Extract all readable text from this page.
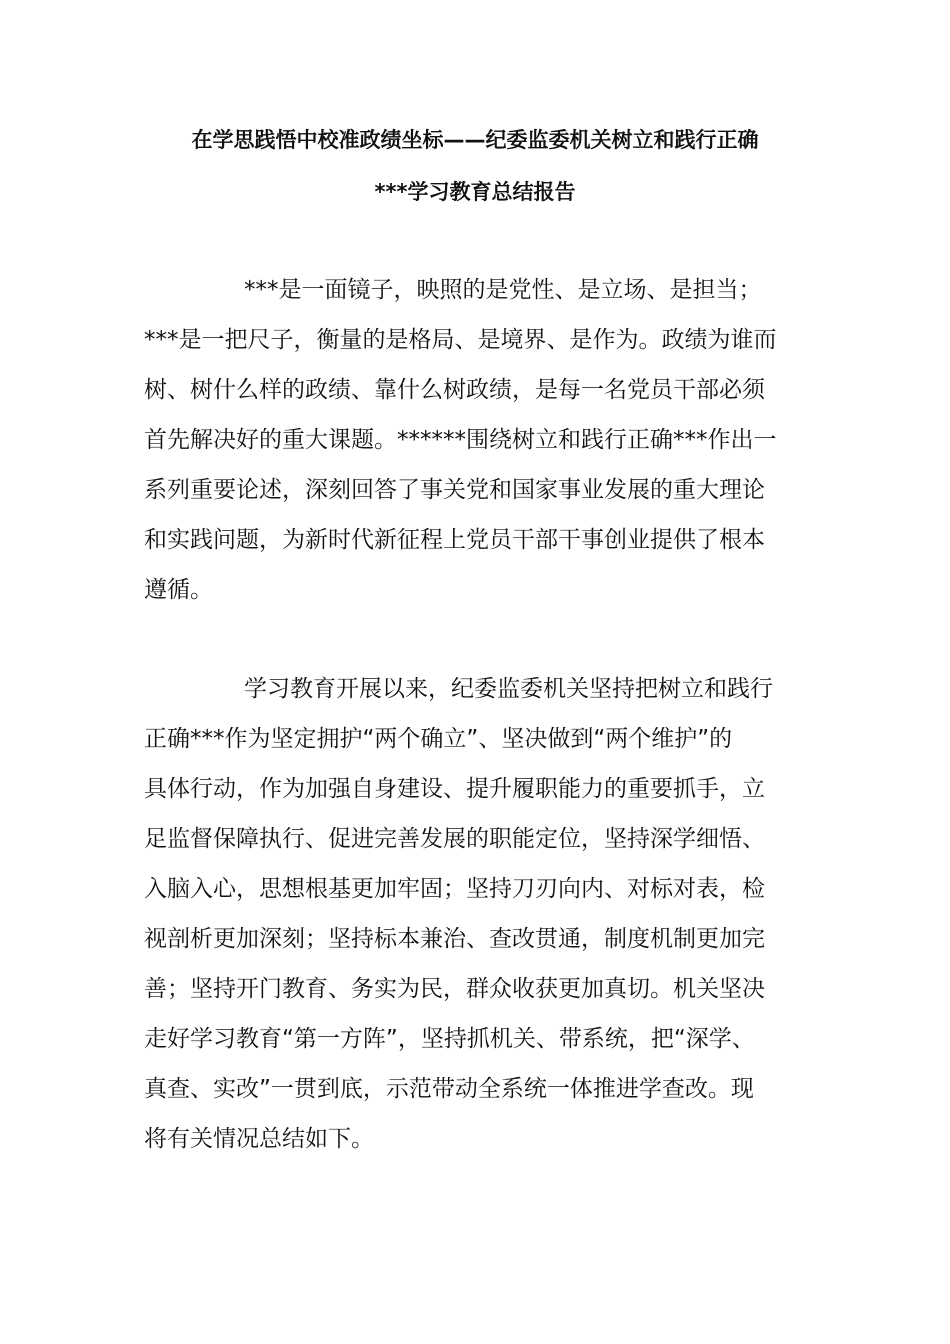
在学思践悟中校准政绩坐标——纪委监委机关树立和践行正确
***学习教育总结报告
***是一面镜子，映照的是党性、是立场、是担当；
***是一把尺子，衡量的是格局、是境界、是作为。政绩为谁而
树、树什么样的政绩、靠什么树政绩，是每一名党员干部必须
首先解决好的重大课题。******围绕树立和践行正确***作出一
系列重要论述，深刻回答了事关党和国家事业发展的重大理论
和实践问题，为新时代新征程上党员干部干事创业提供了根本
遵循。
学习教育开展以来，纪委监委机关坚持把树立和践行
正确***作为坚定拥护“两个确立”、坚决做到“两个维护”的
具体行动，作为加强自身建设、提升履职能力的重要抓手，立
足监督保障执行、促进完善发展的职能定位，坚持深学细悟、
入脑入心，思想根基更加牢固；坚持刀刃向内、对标对表，检
视剖析更加深刻；坚持标本兼治、查改贯通，制度机制更加完
善；坚持开门教育、务实为民，群众收获更加真切。机关坚决
走好学习教育“第一方阵”，坚持抓机关、带系统，把“深学、
真查、实改”一贯到底，示范带动全系统一体推进学查改。现
将有关情况总结如下。
